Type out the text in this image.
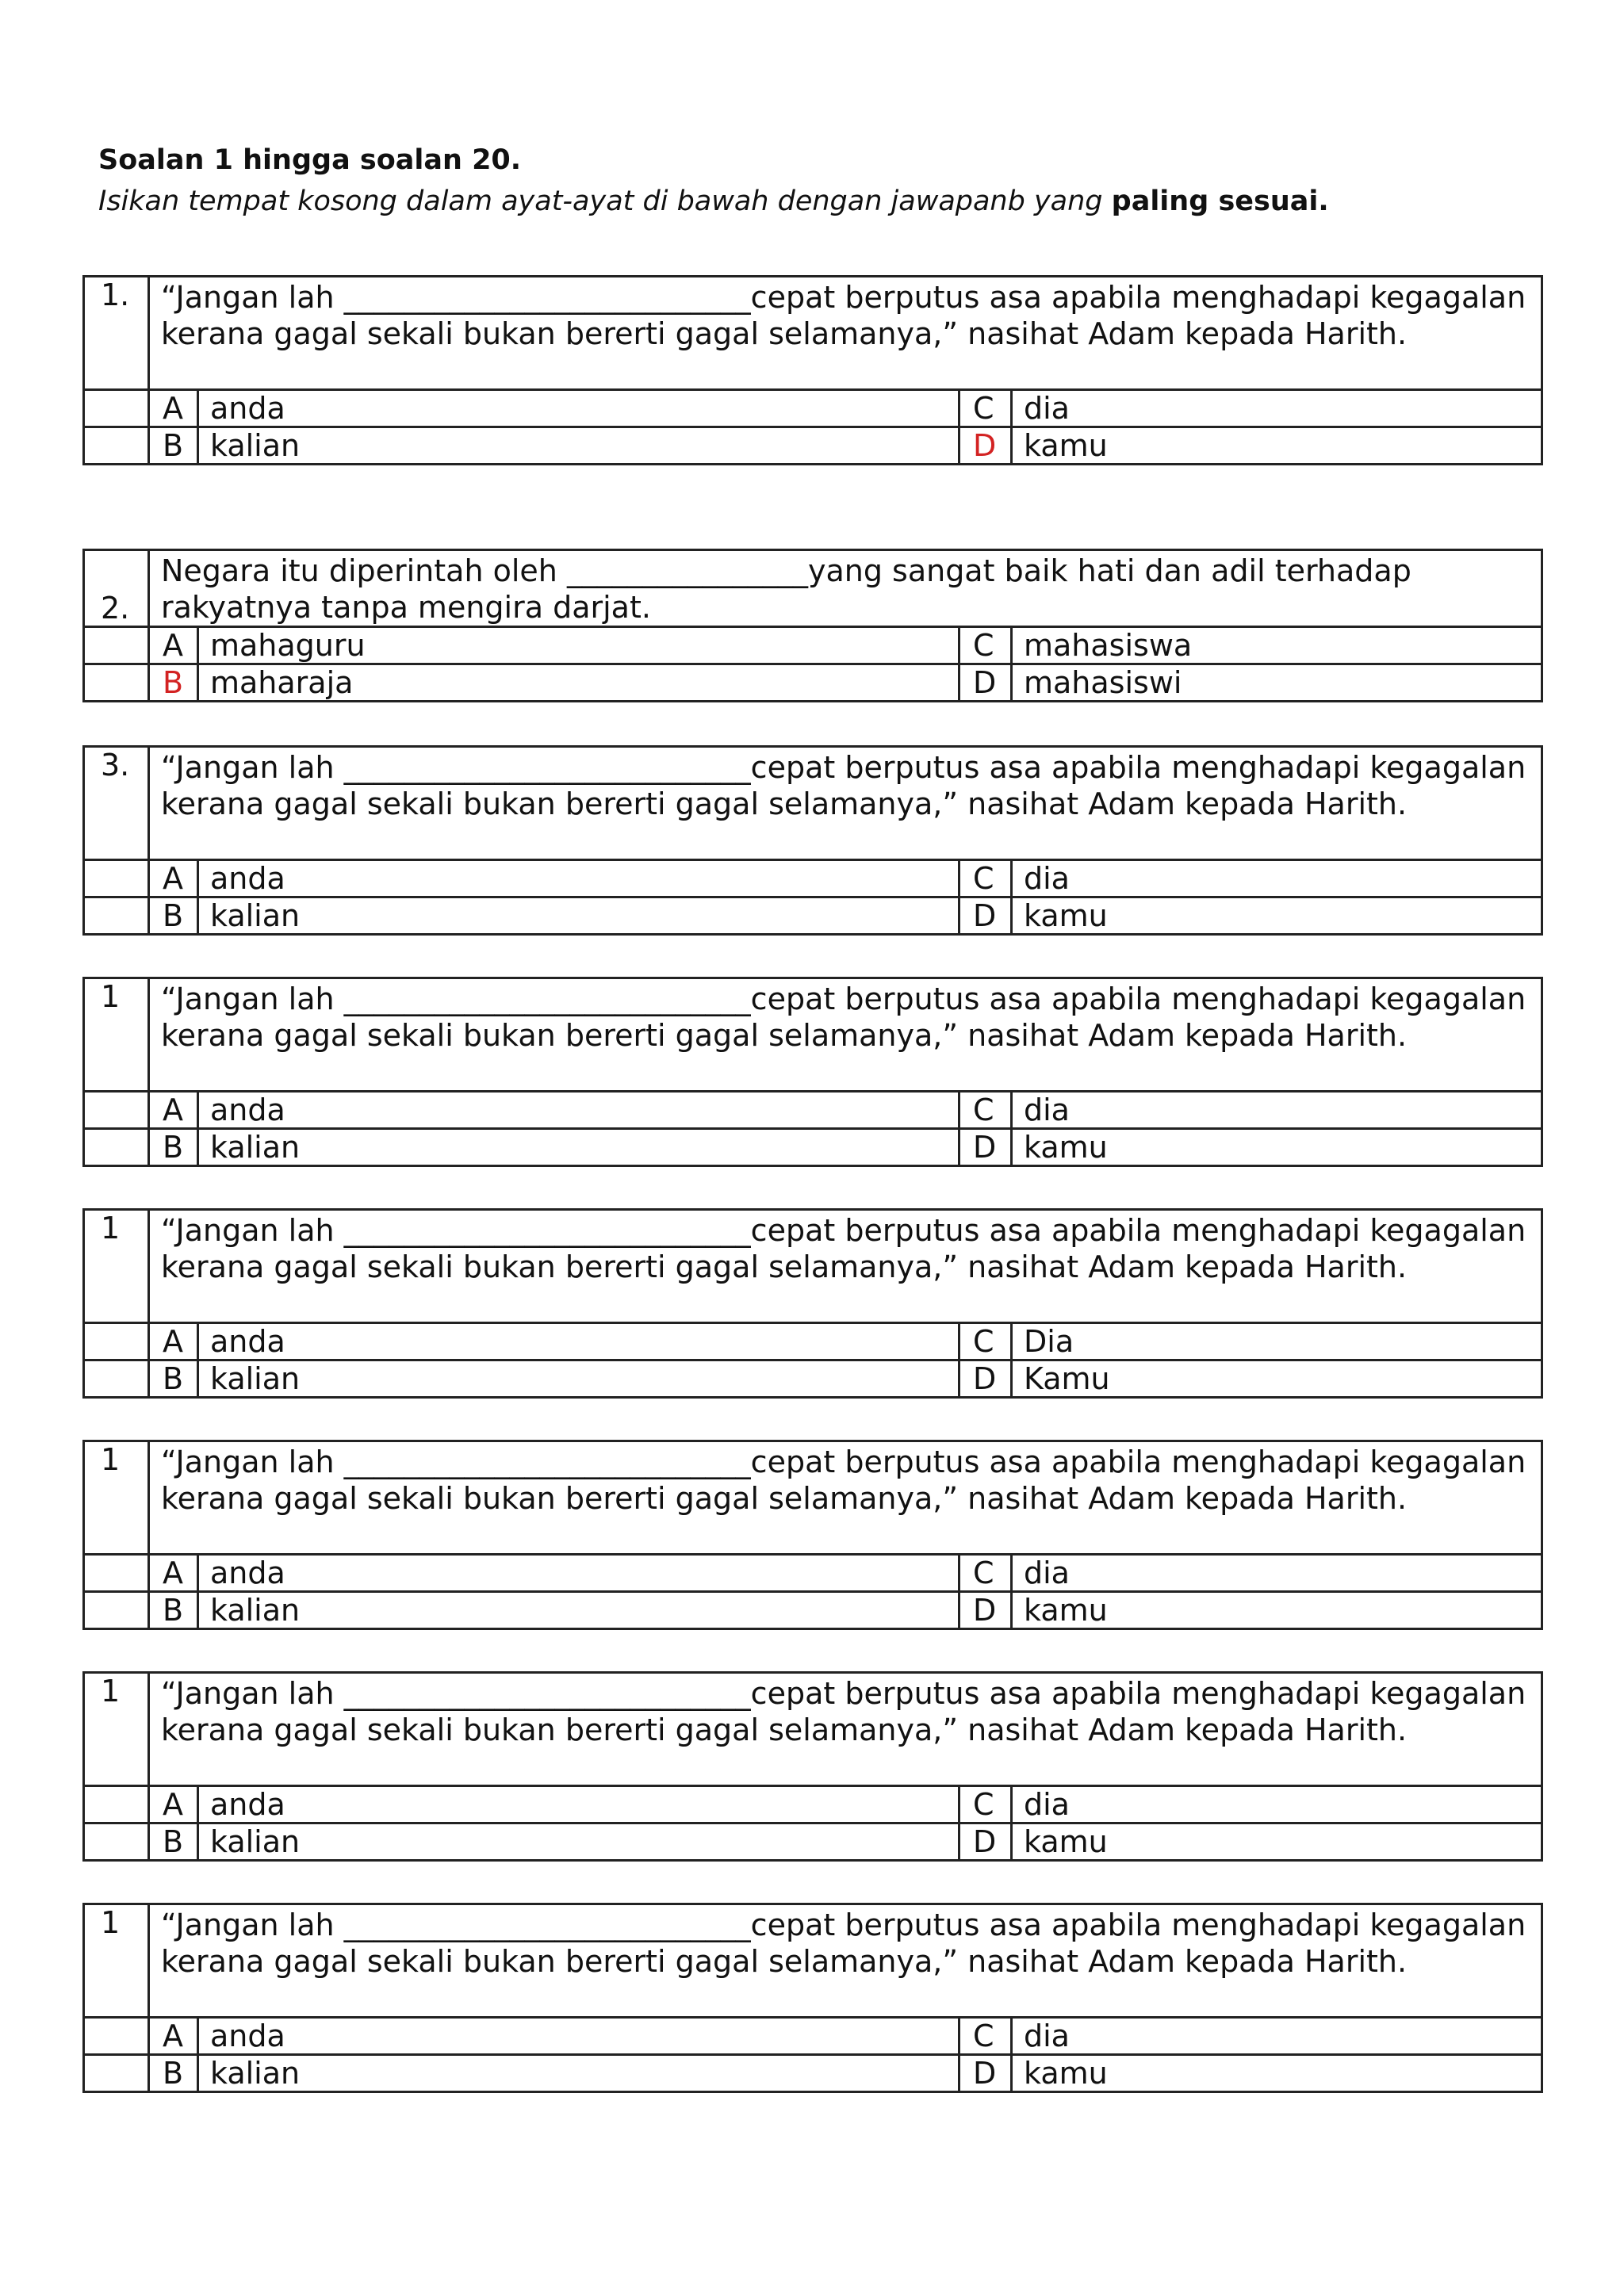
Soalan 1 hingga soalan 20.
Isikan tempat kosong dalam ayat-ayat di bawah dengan jawapanb yang paling sesuai.
1.	“Jangan lah ___________________________cepat berputus asa apabila menghadapi kegagalan kerana gagal sekali bukan bererti gagal selamanya,” nasihat Adam kepada Harith.			
	A	anda	C	dia
	B	kalian	D	kamu
2.	Negara itu diperintah oleh ________________yang sangat baik hati dan adil terhadap rakyatnya tanpa mengira darjat.			
	A	mahaguru	C	mahasiswa
	B	maharaja	D	mahasiswi
3.	“Jangan lah ___________________________cepat berputus asa apabila menghadapi kegagalan kerana gagal sekali bukan bererti gagal selamanya,” nasihat Adam kepada Harith.			
	A	anda	C	dia
	B	kalian	D	kamu
1	“Jangan lah ___________________________cepat berputus asa apabila menghadapi kegagalan kerana gagal sekali bukan bererti gagal selamanya,” nasihat Adam kepada Harith.			
	A	anda	C	dia
	B	kalian	D	kamu
1	“Jangan lah ___________________________cepat berputus asa apabila menghadapi kegagalan kerana gagal sekali bukan bererti gagal selamanya,” nasihat Adam kepada Harith.			
	A	anda	C	Dia
	B	kalian	D	Kamu
1	“Jangan lah ___________________________cepat berputus asa apabila menghadapi kegagalan kerana gagal sekali bukan bererti gagal selamanya,” nasihat Adam kepada Harith.			
	A	anda	C	dia
	B	kalian	D	kamu
1	“Jangan lah ___________________________cepat berputus asa apabila menghadapi kegagalan kerana gagal sekali bukan bererti gagal selamanya,” nasihat Adam kepada Harith.			
	A	anda	C	dia
	B	kalian	D	kamu
1	“Jangan lah ___________________________cepat berputus asa apabila menghadapi kegagalan kerana gagal sekali bukan bererti gagal selamanya,” nasihat Adam kepada Harith.			
	A	anda	C	dia
	B	kalian	D	kamu
